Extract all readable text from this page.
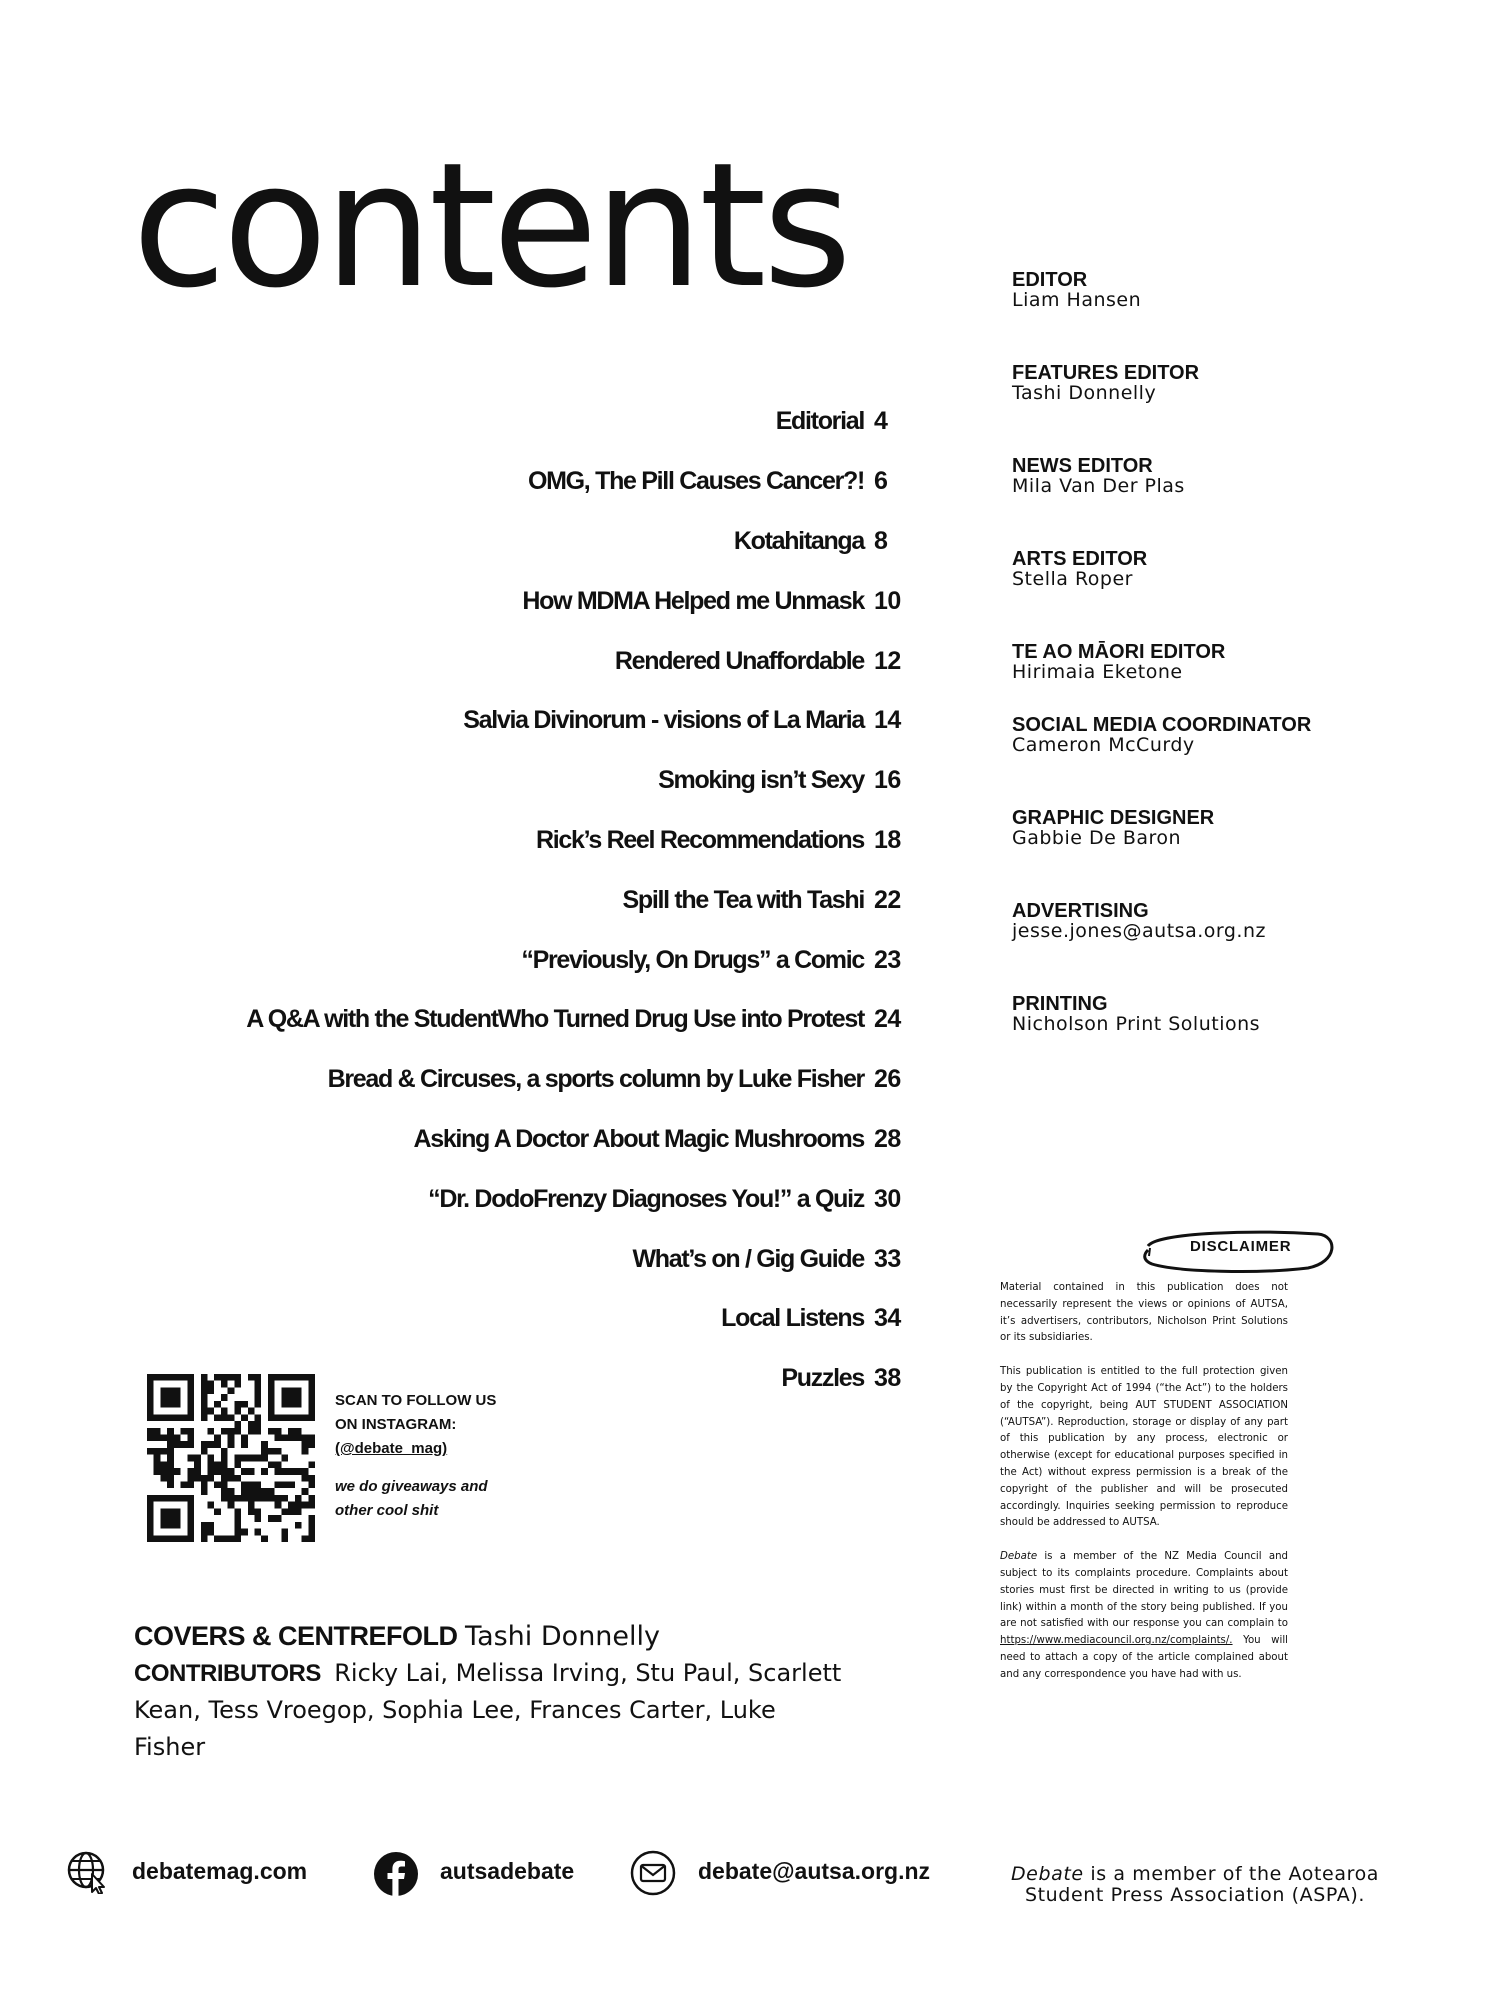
contents
Editorial 4
OMG, The Pill Causes Cancer?! 6
Kotahitanga 8
How MDMA Helped me Unmask 10
Rendered Unaffordable 12
Salvia Divinorum - visions of La Maria 14
Smoking isn’t Sexy 16
Rick’s Reel Recommendations 18
Spill the Tea with Tashi 22
“Previously, On Drugs” a Comic 23
A Q&A with the StudentWho Turned Drug Use into Protest 24
Bread & Circuses, a sports column by Luke Fisher 26
Asking A Doctor About Magic Mushrooms 28
“Dr. DodoFrenzy Diagnoses You!” a Quiz 30
What’s on / Gig Guide 33
Local Listens 34
Puzzles 38
EDITOR
Liam Hansen
FEATURES EDITOR
Tashi Donnelly
NEWS EDITOR
Mila Van Der Plas
ARTS EDITOR
Stella Roper
TE AO MĀORI EDITOR
Hirimaia Eketone
SOCIAL MEDIA COORDINATOR
Cameron McCurdy
GRAPHIC DESIGNER
Gabbie De Baron
ADVERTISING
jesse.jones@autsa.org.nz
PRINTING
Nicholson Print Solutions
SCAN TO FOLLOW US
ON INSTAGRAM:
(@debate_mag)
we do giveaways and
other cool shit
COVERS & CENTREFOLD Tashi Donnelly
CONTRIBUTORS Ricky Lai, Melissa Irving, Stu Paul, Scarlett
Kean, Tess Vroegop, Sophia Lee, Frances Carter, Luke Fisher
DISCLAIMER

Material contained in this publication does not necessarily represent the views or opinions of AUTSA, it’s advertisers, contributors, Nicholson Print Solutions or its subsidiaries.

This publication is entitled to the full protection given by the Copyright Act of 1994 (“the Act”) to the holders of the copyright, being AUT STUDENT ASSOCIATION (“AUTSA”). Reproduction, storage or display of any part of this publication by any process, electronic or otherwise (except for educational purposes specified in the Act) without express permission is a break of the copyright of the publisher and will be prosecuted accordingly. Inquiries seeking permission to reproduce should be addressed to AUTSA.

Debate is a member of the NZ Media Council and subject to its complaints procedure. Complaints about stories must first be directed in writing to us (provide link) within a month of the story being published. If you are not satisfied with our response you can complain to https://www.mediacouncil.org.nz/complaints/. You will need to attach a copy of the article complained about and any correspondence you have had with us.

debatemag.com	autsadebate	debate@autsa.org.nz	Debate is a member of the Aotearoa
Student Press Association (ASPA).
